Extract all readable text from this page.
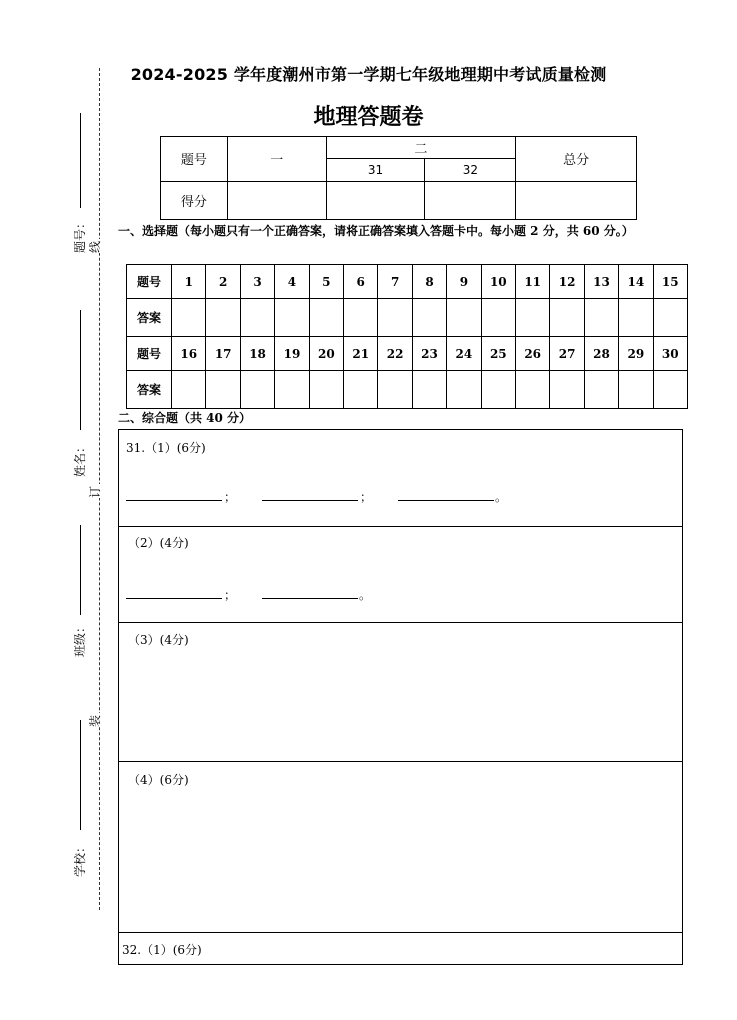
题号：
姓名：
班级：
学校：
线
订
装
2024-2025 学年度潮州市第一学期七年级地理期中考试质量检测
地理答题卷
题号	一	二		总分
		31	32	
得分				
一、选择题（每小题只有一个正确答案，请将正确答案填入答题卡中。每小题 2 分，共 60 分。）
题号	1	2	3	4	5	6	7	8	9	10	11	12	13	14	15
答案															
题号	16	17	18	19	20	21	22	23	24	25	26	27	28	29	30
答案															
二、综合题（共 40 分）
31.（1）(6分)
；	；	。
（2）(4分)
；	。
（3）(4分)
（4）(6分)
32.（1）(6分)
